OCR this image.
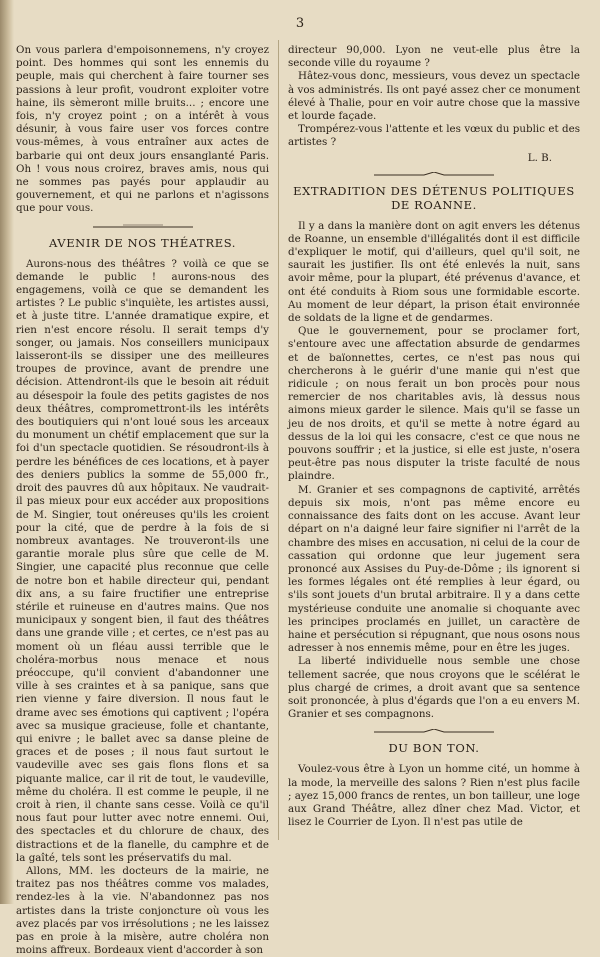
3

On vous parlera d'empoisonnemens, n'y croyez point. Des hommes qui sont les ennemis du peuple, mais qui cherchent à faire tourner ses passions à leur profit, voudront exploiter votre haine, ils sèmeront mille bruits... ; encore une fois, n'y croyez point ; on a intérêt à vous désunir, à vous faire user vos forces contre vous-mêmes, à vous entraîner aux actes de barbarie qui ont deux jours ensanglanté Paris. Oh ! vous nous croirez, braves amis, nous qui ne sommes pas payés pour applaudir au gouvernement, et qui ne parlons et n'agissons que pour vous.

AVENIR DE NOS THÉATRES.

Aurons-nous des théâtres ? voilà ce que se demande le public ! aurons-nous des engagemens, voilà ce que se demandent les artistes ? Le public s'inquiète, les artistes aussi, et à juste titre. L'année dramatique expire, et rien n'est encore résolu. Il serait temps d'y songer, ou jamais. Nos conseillers municipaux laisseront-ils se dissiper une des meilleures troupes de province, avant de prendre une décision. Attendront-ils que le besoin ait réduit au désespoir la foule des petits gagistes de nos deux théâtres, compromettront-ils les intérêts des boutiquiers qui n'ont loué sous les arceaux du monument un chétif emplacement que sur la foi d'un spectacle quotidien. Se résoudront-ils à perdre les bénéfices de ces locations, et à payer des deniers publics la somme de 55,000 fr., droit des pauvres dû aux hôpitaux. Ne vaudrait-il pas mieux pour eux accéder aux propositions de M. Singier, tout onéreuses qu'ils les croient pour la cité, que de perdre à la fois de si nombreux avantages. Ne trouveront-ils une garantie morale plus sûre que celle de M. Singier, une capacité plus reconnue que celle de notre bon et habile directeur qui, pendant dix ans, a su faire fructifier une entreprise stérile et ruineuse en d'autres mains. Que nos municipaux y songent bien, il faut des théâtres dans une grande ville ; et certes, ce n'est pas au moment où un fléau aussi terrible que le choléra-morbus nous menace et nous préoccupe, qu'il convient d'abandonner une ville à ses craintes et à sa panique, sans que rien vienne y faire diversion. Il nous faut le drame avec ses émotions qui captivent ; l'opéra avec sa musique gracieuse, folle et chantante, qui enivre ; le ballet avec sa danse pleine de graces et de poses ; il nous faut surtout le vaudeville avec ses gais flons flons et sa piquante malice, car il rit de tout, le vaudeville, même du choléra. Il est comme le peuple, il ne croit à rien, il chante sans cesse. Voilà ce qu'il nous faut pour lutter avec notre ennemi. Oui, des spectacles et du chlorure de chaux, des distractions et de la flanelle, du camphre et de la gaîté, tels sont les préservatifs du mal.

Allons, MM. les docteurs de la mairie, ne traitez pas nos théâtres comme vos malades, rendez-les à la vie. N'abandonnez pas nos artistes dans la triste conjoncture où vous les avez placés par vos irrésolutions ; ne les laissez pas en proie à la misère, autre choléra non moins affreux. Bordeaux vient d'accorder à son

directeur 90,000. Lyon ne veut-elle plus être la seconde ville du royaume ?

Hâtez-vous donc, messieurs, vous devez un spectacle à vos administrés. Ils ont payé assez cher ce monument élevé à Thalie, pour en voir autre chose que la massive et lourde façade.

Trompérez-vous l'attente et les vœux du public et des artistes ?

L. B.
EXTRADITION DES DÉTENUS POLITIQUES
DE ROANNE.

Il y a dans la manière dont on agit envers les détenus de Roanne, un ensemble d'illégalités dont il est difficile d'expliquer le motif, qui d'ailleurs, quel qu'il soit, ne saurait les justifier. Ils ont été enlevés la nuit, sans avoir même, pour la plupart, été prévenus d'avance, et ont été conduits à Riom sous une formidable escorte. Au moment de leur départ, la prison était environnée de soldats de la ligne et de gendarmes.

Que le gouvernement, pour se proclamer fort, s'entoure avec une affectation absurde de gendarmes et de baïonnettes, certes, ce n'est pas nous qui chercherons à le guérir d'une manie qui n'est que ridicule ; on nous ferait un bon procès pour nous remercier de nos charitables avis, là dessus nous aimons mieux garder le silence. Mais qu'il se fasse un jeu de nos droits, et qu'il se mette à notre égard au dessus de la loi qui les consacre, c'est ce que nous ne pouvons souffrir ; et la justice, si elle est juste, n'osera peut-être pas nous disputer la triste faculté de nous plaindre.

M. Granier et ses compagnons de captivité, arrêtés depuis six mois, n'ont pas même encore eu connaissance des faits dont on les accuse. Avant leur départ on n'a daigné leur faire signifier ni l'arrêt de la chambre des mises en accusation, ni celui de la cour de cassation qui ordonne que leur jugement sera prononcé aux Assises du Puy-de-Dôme ; ils ignorent si les formes légales ont été remplies à leur égard, ou s'ils sont jouets d'un brutal arbitraire. Il y a dans cette mystérieuse conduite une anomalie si choquante avec les principes proclamés en juillet, un caractère de haine et persécution si répugnant, que nous osons nous adresser à nos ennemis même, pour en être les juges.

La liberté individuelle nous semble une chose tellement sacrée, que nous croyons que le scélérat le plus chargé de crimes, a droit avant que sa sentence soit prononcée, à plus d'égards que l'on a eu envers M. Granier et ses compagnons.

DU BON TON.

Voulez-vous être à Lyon un homme cité, un homme à la mode, la merveille des salons ? Rien n'est plus facile ; ayez 15,000 francs de rentes, un bon tailleur, une loge aux Grand Théâtre, allez dîner chez Mad. Victor, et lisez le Courrier de Lyon. Il n'est pas utile de
